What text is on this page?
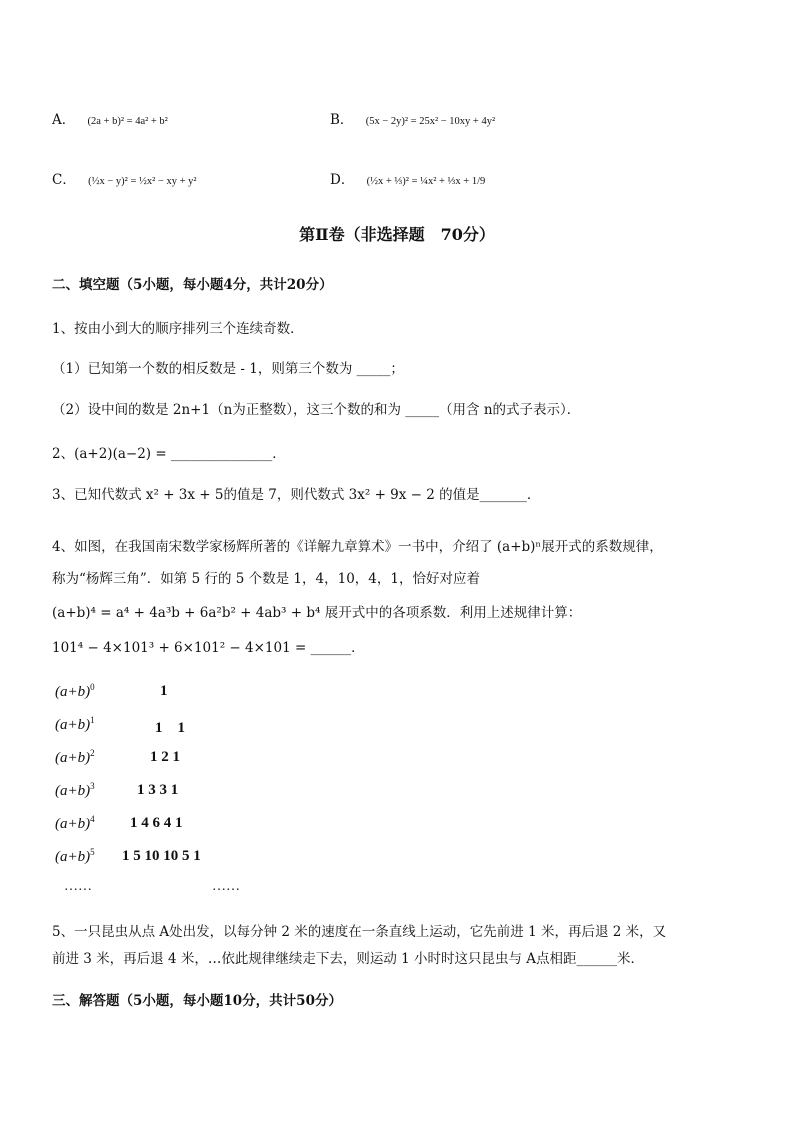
A． (2a + b)² = 4a² + b²	B． (5x − 2y)² = 25x² − 10xy + 4y²
C． (½x − y)² = ½x² − xy + y²	D． (½x + ⅓)² = ¼x² + ⅓x + 1/9
第Ⅱ卷（非选择题　70分）
二、填空题（5小题，每小题4分，共计20分）
1、按由小到大的顺序排列三个连续奇数．
（1）已知第一个数的相反数是 - 1，则第三个数为 _____；
（2）设中间的数是 2n+1（n为正整数），这三个数的和为 _____（用含 n的式子表示）．
2、(a+2)(a−2) = _______________．
3、已知代数式 x² + 3x + 5的值是 7，则代数式 3x² + 9x − 2 的值是_______．
4、如图，在我国南宋数学家杨辉所著的《详解九章算术》一书中，介绍了 (a+b)ⁿ展开式的系数规律，
称为“杨辉三角”．如第 5 行的 5 个数是 1，4，10，4，1，恰好对应着
(a+b)⁴ = a⁴ + 4a³b + 6a²b² + 4ab³ + b⁴ 展开式中的各项系数．利用上述规律计算：
101⁴ − 4×101³ + 6×101² − 4×101 = ______．
$(a+b)^0$	1
$(a+b)^1$	1　1
$(a+b)^2$	1 2 1
$(a+b)^3$	1 3 3 1
$(a+b)^4$ 1 4 6 4 1
$(a+b)^5$ 1 5 10 10 5 1
……	……
5、一只昆虫从点 A处出发，以每分钟 2 米的速度在一条直线上运动，它先前进 1 米，再后退 2 米，又
前进 3 米，再后退 4 米，…依此规律继续走下去，则运动 1 小时时这只昆虫与 A点相距______米．
三、解答题（5小题，每小题10分，共计50分）
